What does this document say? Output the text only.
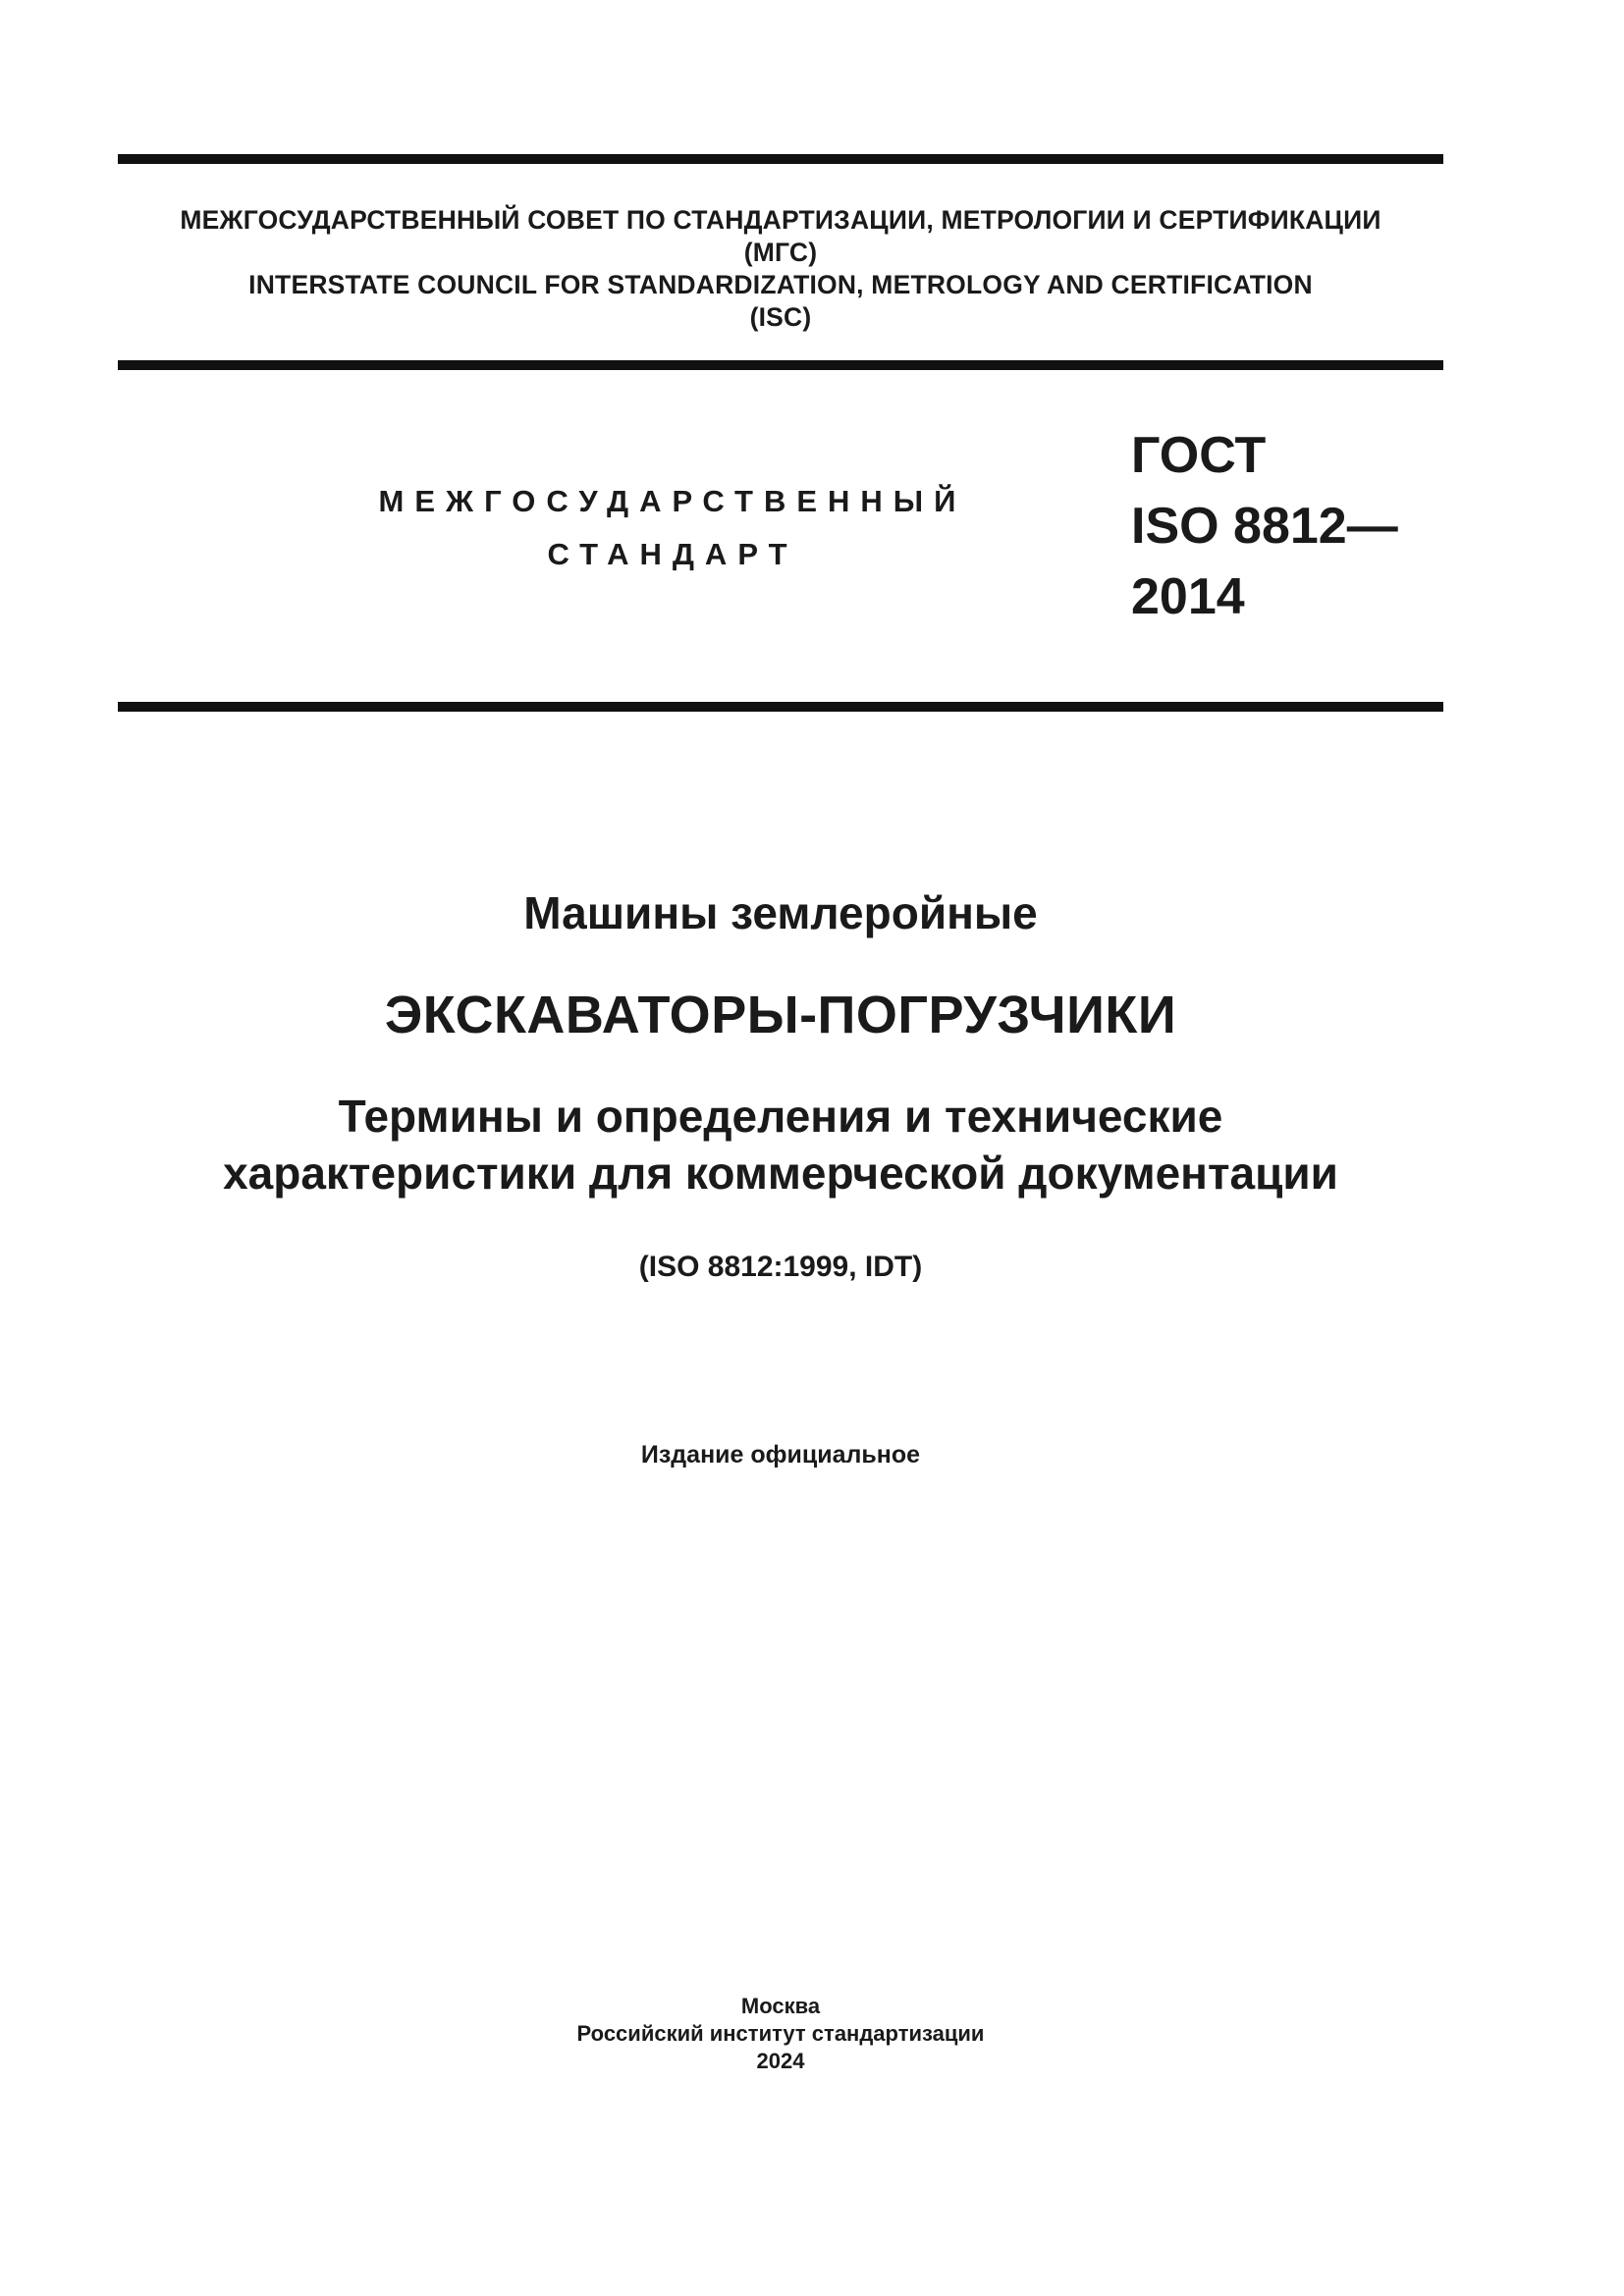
МЕЖГОСУДАРСТВЕННЫЙ СОВЕТ ПО СТАНДАРТИЗАЦИИ, МЕТРОЛОГИИ И СЕРТИФИКАЦИИ
(МГС)
INTERSTATE COUNCIL FOR STANDARDIZATION, METROLOGY AND CERTIFICATION
(ISC)
МЕЖГОСУДАРСТВЕННЫЙ
СТАНДАРТ
ГОСТ
ISO 8812—
2014
Машины землеройные
ЭКСКАВАТОРЫ-ПОГРУЗЧИКИ
Термины и определения и технические
характеристики для коммерческой документации
(ISO 8812:1999, IDT)
Издание официальное
Москва
Российский институт стандартизации
2024
